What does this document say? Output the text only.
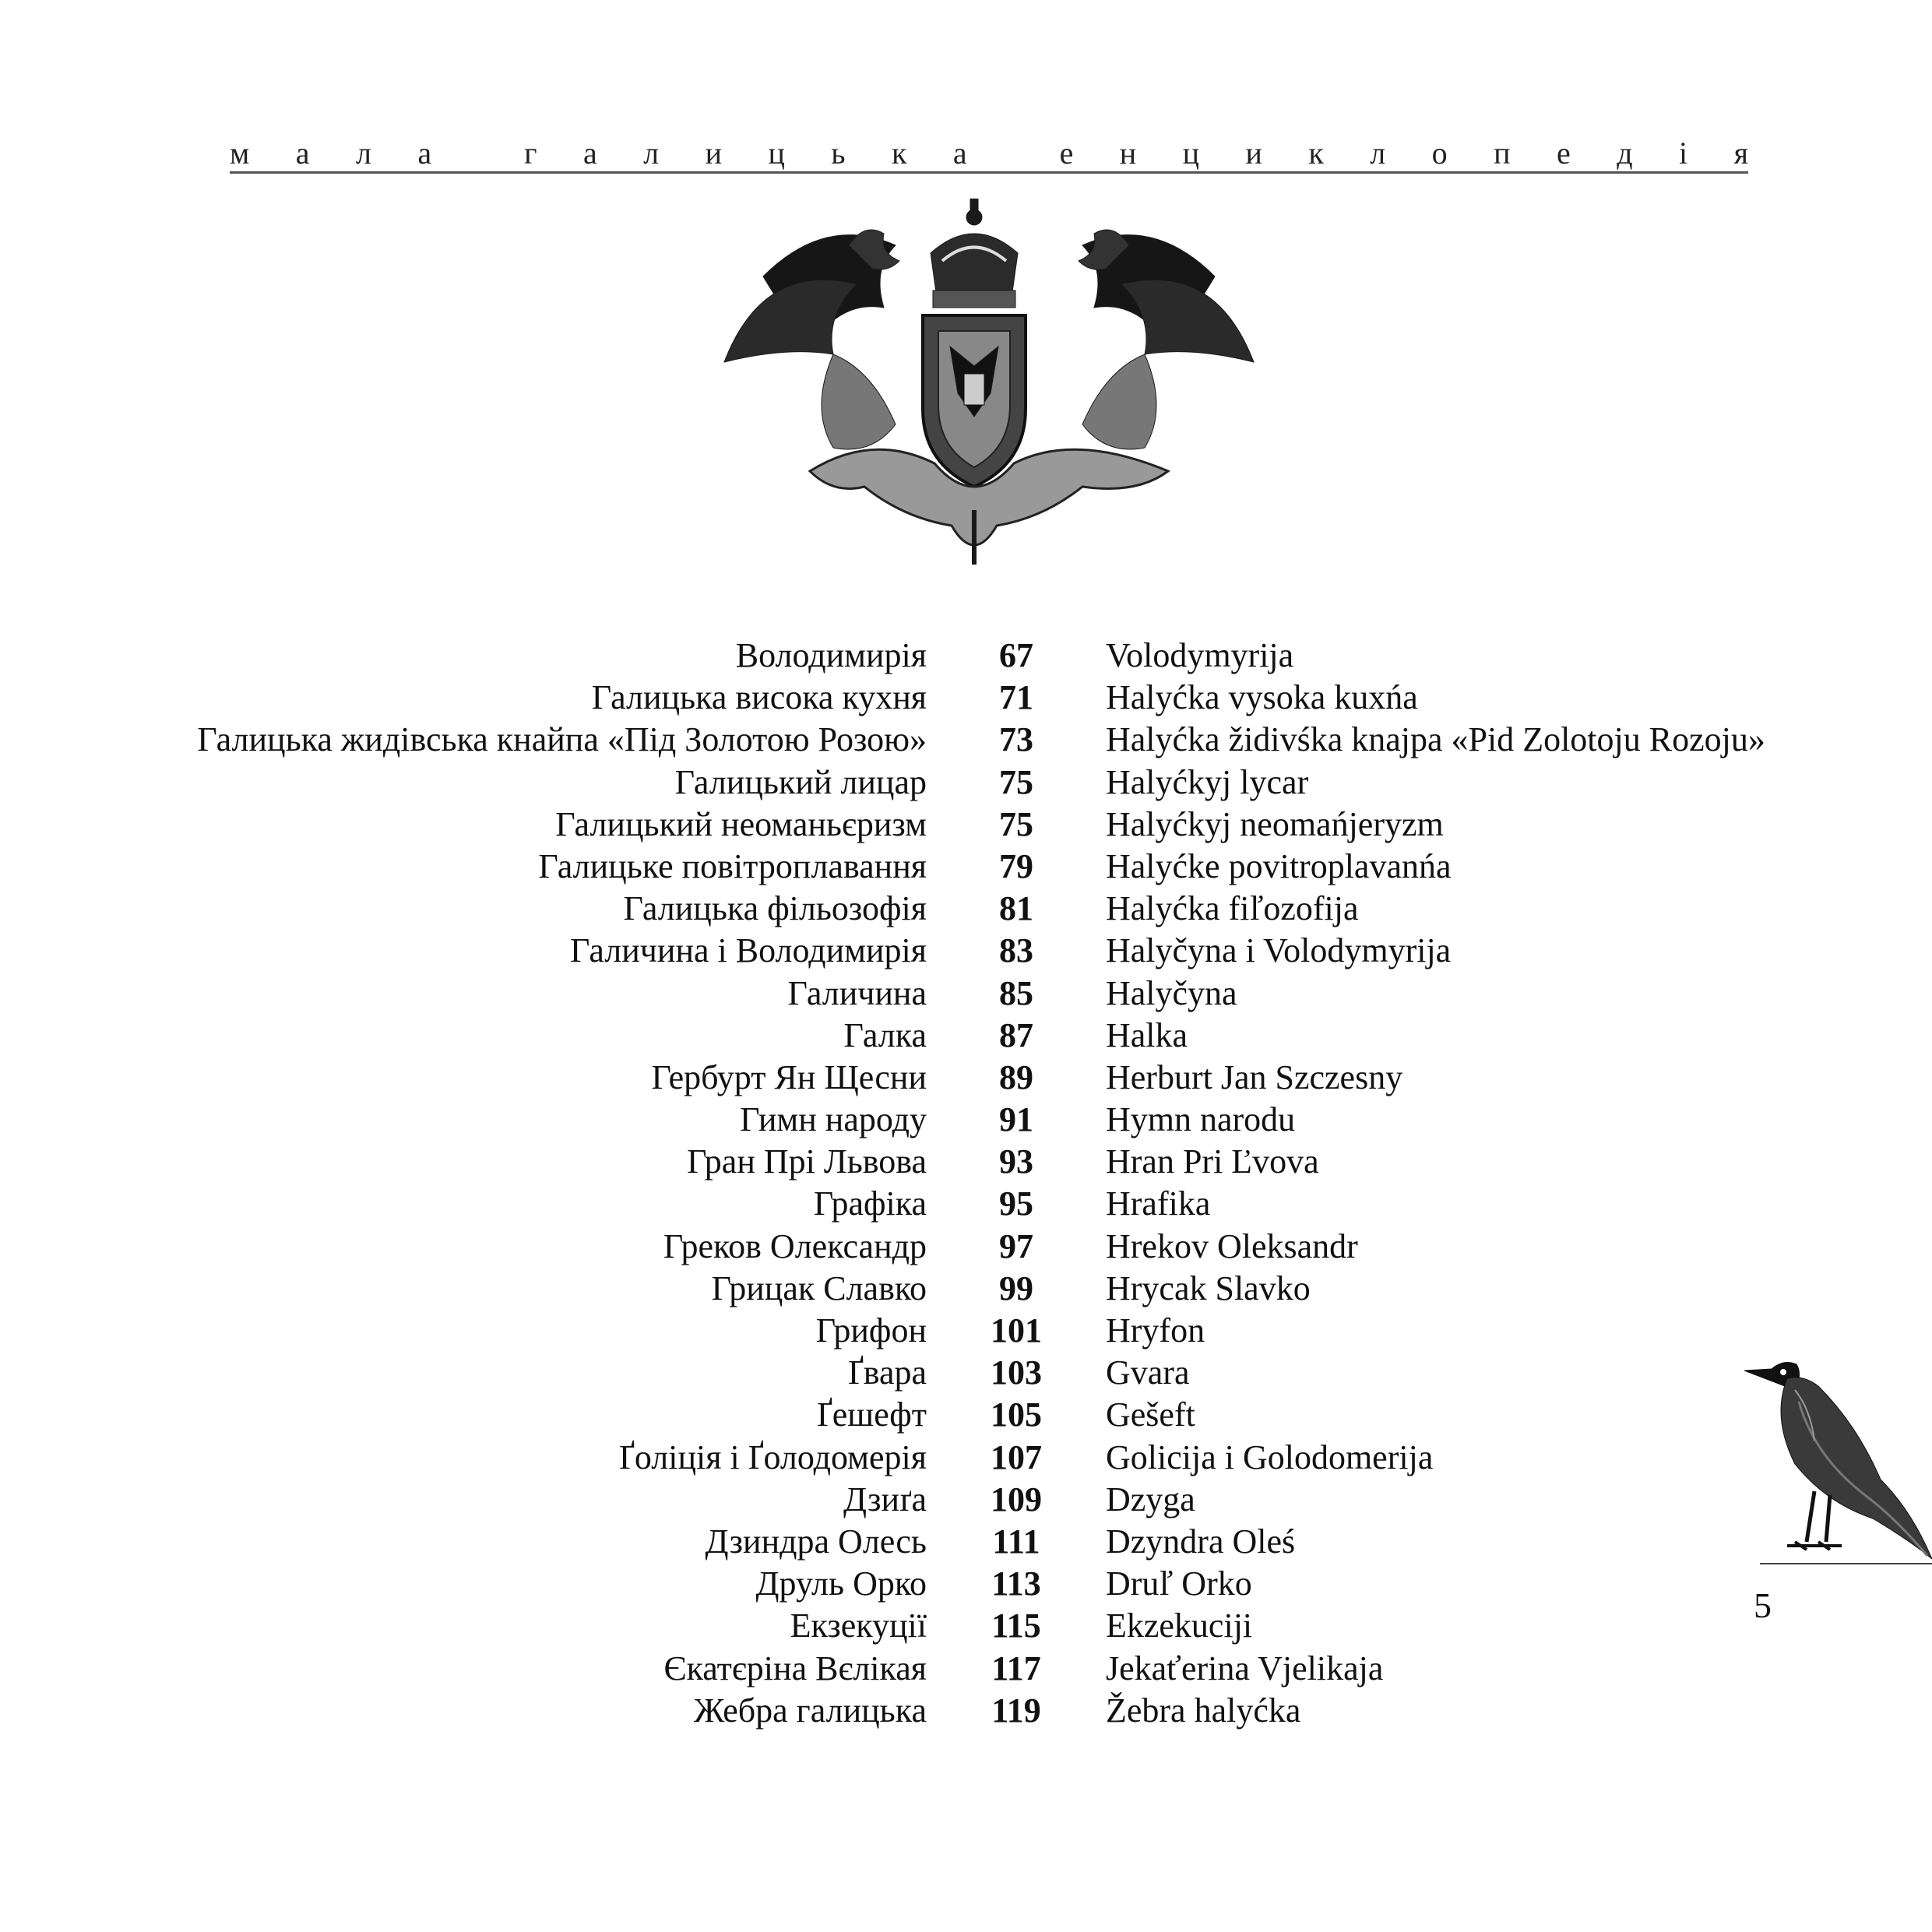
м а л а	г а л и ц ь к а	е н ц и к л о п е д і я
Володимирія	67	Volodymyrija
Галицька висока кухня	71	Halyćka vysoka kuxńa
Галицька жидівська кнайпа «Під Золотою Розою»	73	Halyćka židivśka knajpa «Pid Zolotoju Rozoju»
Галицький лицар	75	Halyćkyj lycar
Галицький неоманьєризм	75	Halyćkyj neomańjeryzm
Галицьке повітроплавання	79	Halyćke povitroplavanńa
Галицька фільозофія	81	Halyćka fiľozofija
Галичина і Володимирія	83	Halyčyna i Volodymyrija
Галичина	85	Halyčyna
Галка	87	Halka
Гербурт Ян Щесни	89	Herburt Jan Szczesny
Гимн народу	91	Hymn narodu
Гран Прі Львова	93	Hran Pri Ľvova
Графіка	95	Hrafika
Греков Олександр	97	Hrekov Oleksandr
Грицак Славко	99	Hrycak Slavko
Грифон	101	Hryfon
Ґвара	103	Gvara
Ґешефт	105	Gešeft
Ґоліція і Ґолодомерія	107	Golicija i Golodomerija
Дзиґа	109	Dzyga
Дзиндра Олесь	111	Dzyndra Oleś
Друль Орко	113	Druľ Orko
Екзекуції	115	Ekzekuciji
Єкатєріна Вєлікая	117	Jekaťerina Vjelikaja
Жебра галицька	119	Žebra halyćka
5
